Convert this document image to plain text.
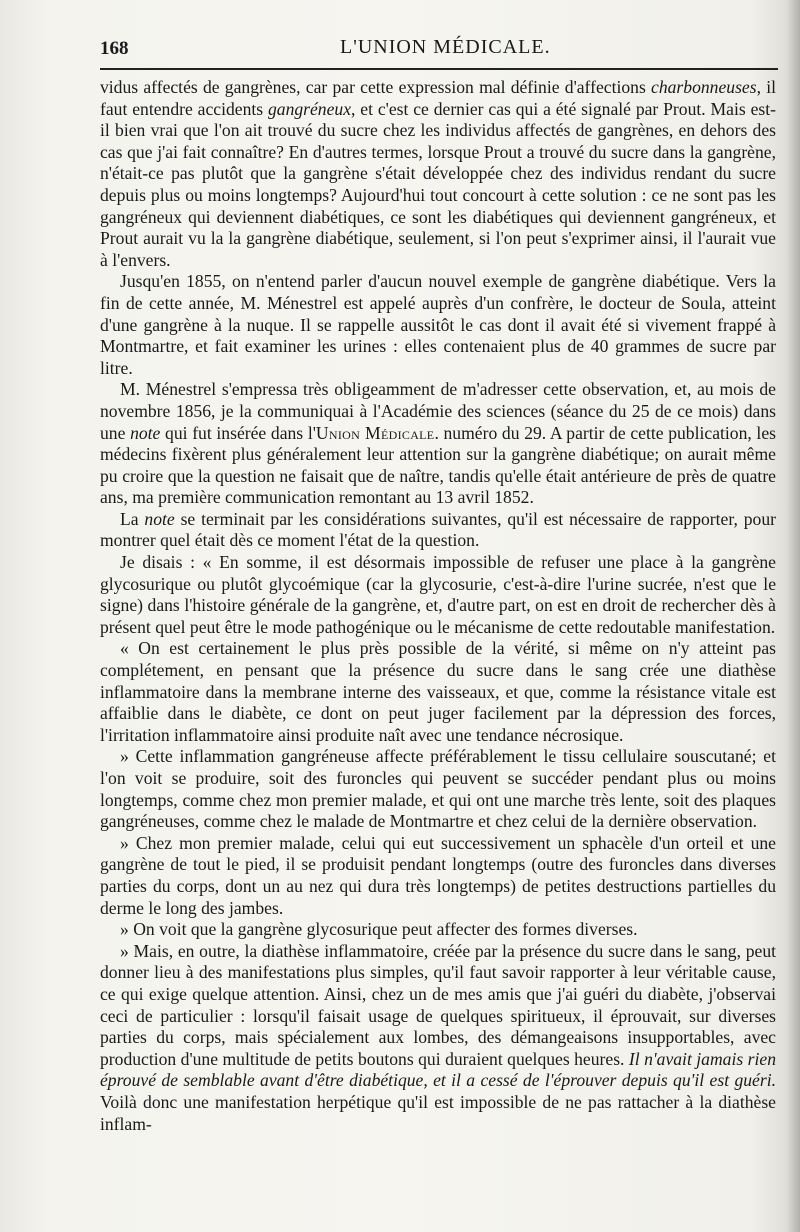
168	L'UNION MÉDICALE.

vidus affectés de gangrènes, car par cette expression mal définie d'affections charbonneuses, il faut entendre accidents gangréneux, et c'est ce dernier cas qui a été signalé par Prout. Mais est-il bien vrai que l'on ait trouvé du sucre chez les individus affectés de gangrènes, en dehors des cas que j'ai fait connaître? En d'autres termes, lorsque Prout a trouvé du sucre dans la gangrène, n'était-ce pas plutôt que la gangrène s'était développée chez des individus rendant du sucre depuis plus ou moins longtemps? Aujourd'hui tout concourt à cette solution : ce ne sont pas les gangréneux qui deviennent diabétiques, ce sont les diabétiques qui deviennent gangréneux, et Prout aurait vu la la gangrène diabétique, seulement, si l'on peut s'exprimer ainsi, il l'aurait vue à l'envers.

Jusqu'en 1855, on n'entend parler d'aucun nouvel exemple de gangrène diabétique. Vers la fin de cette année, M. Ménestrel est appelé auprès d'un confrère, le docteur de Soula, atteint d'une gangrène à la nuque. Il se rappelle aussitôt le cas dont il avait été si vivement frappé à Montmartre, et fait examiner les urines : elles contenaient plus de 40 grammes de sucre par litre.

M. Ménestrel s'empressa très obligeamment de m'adresser cette observation, et, au mois de novembre 1856, je la communiquai à l'Académie des sciences (séance du 25 de ce mois) dans une note qui fut insérée dans l'Union Médicale. numéro du 29. A partir de cette publication, les médecins fixèrent plus généralement leur attention sur la gangrène diabétique; on aurait même pu croire que la question ne faisait que de naître, tandis qu'elle était antérieure de près de quatre ans, ma première communication remontant au 13 avril 1852.

La note se terminait par les considérations suivantes, qu'il est nécessaire de rapporter, pour montrer quel était dès ce moment l'état de la question.

Je disais : « En somme, il est désormais impossible de refuser une place à la gangrène glycosurique ou plutôt glycoémique (car la glycosurie, c'est-à-dire l'urine sucrée, n'est que le signe) dans l'histoire générale de la gangrène, et, d'autre part, on est en droit de rechercher dès à présent quel peut être le mode pathogénique ou le mécanisme de cette redoutable manifestation.

« On est certainement le plus près possible de la vérité, si même on n'y atteint pas complétement, en pensant que la présence du sucre dans le sang crée une diathèse inflammatoire dans la membrane interne des vaisseaux, et que, comme la résistance vitale est affaiblie dans le diabète, ce dont on peut juger facilement par la dépression des forces, l'irritation inflammatoire ainsi produite naît avec une tendance nécrosique.

» Cette inflammation gangréneuse affecte préférablement le tissu cellulaire souscutané; et l'on voit se produire, soit des furoncles qui peuvent se succéder pendant plus ou moins longtemps, comme chez mon premier malade, et qui ont une marche très lente, soit des plaques gangréneuses, comme chez le malade de Montmartre et chez celui de la dernière observation.

» Chez mon premier malade, celui qui eut successivement un sphacèle d'un orteil et une gangrène de tout le pied, il se produisit pendant longtemps (outre des furoncles dans diverses parties du corps, dont un au nez qui dura très longtemps) de petites destructions partielles du derme le long des jambes.

» On voit que la gangrène glycosurique peut affecter des formes diverses.

» Mais, en outre, la diathèse inflammatoire, créée par la présence du sucre dans le sang, peut donner lieu à des manifestations plus simples, qu'il faut savoir rapporter à leur véritable cause, ce qui exige quelque attention. Ainsi, chez un de mes amis que j'ai guéri du diabète, j'observai ceci de particulier : lorsqu'il faisait usage de quelques spiritueux, il éprouvait, sur diverses parties du corps, mais spécialement aux lombes, des démangeaisons insupportables, avec production d'une multitude de petits boutons qui duraient quelques heures. Il n'avait jamais rien éprouvé de semblable avant d'être diabétique, et il a cessé de l'éprouver depuis qu'il est guéri. Voilà donc une manifestation herpétique qu'il est impossible de ne pas rattacher à la diathèse inflam-
